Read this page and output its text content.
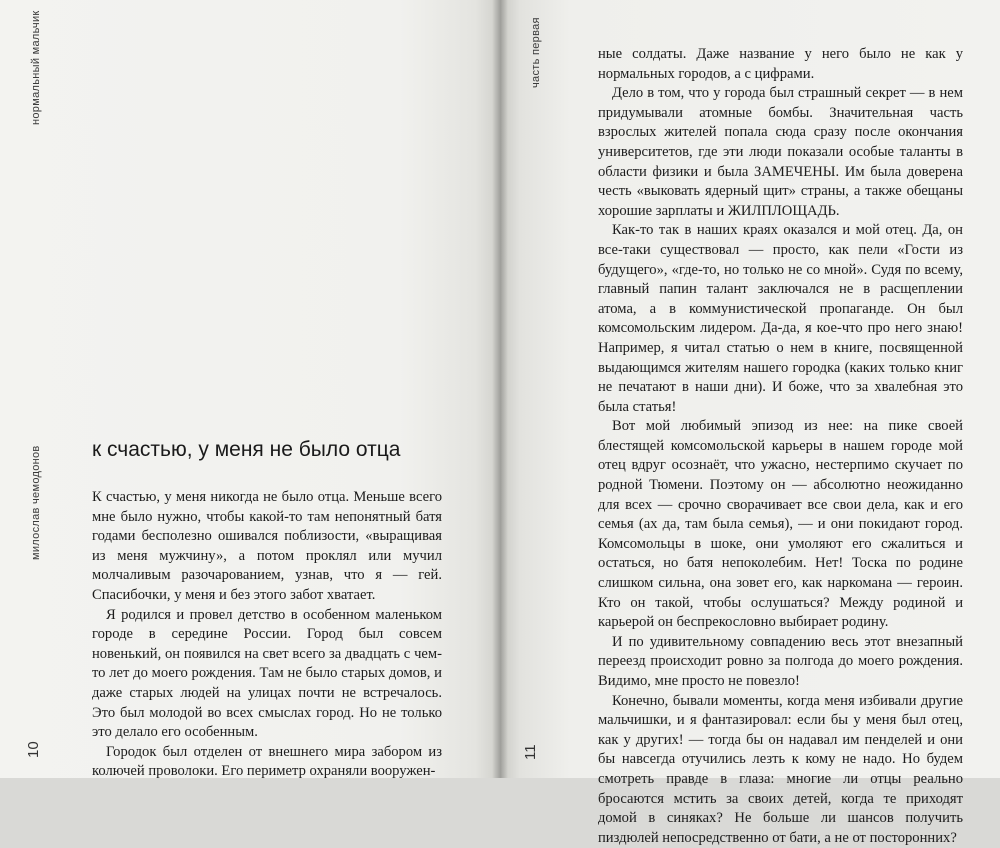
нормальный мальчик
милослав чемодонов
10
к счастью, у меня не было отца

К счастью, у меня никогда не было отца. Меньше всего мне было нужно, чтобы какой-то там непонятный батя годами бесполезно ошивался поблизости, «выращивая из меня мужчину», а потом проклял или мучил молчаливым разочарованием, узнав, что я — гей. Спасибочки, у меня и без этого забот хватает.

Я родился и провел детство в особенном маленьком городе в середине России. Город был совсем новенький, он появился на свет всего за двадцать с чем-то лет до моего рождения. Там не было старых домов, и даже старых людей на улицах почти не встречалось. Это был молодой во всех смыслах город. Но не только это делало его особенным.

Городок был отделен от внешнего мира забором из колючей проволоки. Его периметр охраняли вооружен-

часть первая
11

ные солдаты. Даже название у него было не как у нормальных городов, а с цифрами.

Дело в том, что у города был страшный секрет — в нем придумывали атомные бомбы. Значительная часть взрослых жителей попала сюда сразу после окончания университетов, где эти люди показали особые таланты в области физики и была ЗАМЕЧЕНЫ. Им была доверена честь «выковать ядерный щит» страны, а также обещаны хорошие зарплаты и ЖИЛПЛОЩАДЬ.

Как-то так в наших краях оказался и мой отец. Да, он все-таки существовал — просто, как пели «Гости из будущего», «где-то, но только не со мной». Судя по всему, главный папин талант заключался не в расщеплении атома, а в коммунистической пропаганде. Он был комсомольским лидером. Да-да, я кое-что про него знаю! Например, я читал статью о нем в книге, посвященной выдающимся жителям нашего городка (каких только книг не печатают в наши дни). И боже, что за хвалебная это была статья!

Вот мой любимый эпизод из нее: на пике своей блестящей комсомольской карьеры в нашем городе мой отец вдруг осознаёт, что ужасно, нестерпимо скучает по родной Тюмени. Поэтому он — абсолютно неожиданно для всех — срочно сворачивает все свои дела, как и его семья (ах да, там была семья), — и они покидают город. Комсомольцы в шоке, они умоляют его сжалиться и остаться, но батя непоколебим. Нет! Тоска по родине слишком сильна, она зовет его, как наркомана — героин. Кто он такой, чтобы ослушаться? Между родиной и карьерой он беспрекословно выбирает родину.

И по удивительному совпадению весь этот внезапный переезд происходит ровно за полгода до моего рождения. Видимо, мне просто не повезло!

Конечно, бывали моменты, когда меня избивали другие мальчишки, и я фантазировал: если бы у меня был отец, как у других! — тогда бы он надавал им пенделей и они бы навсегда отучились лезть к кому не надо. Но будем смотреть правде в глаза: многие ли отцы реально бросаются мстить за своих детей, когда те приходят домой в синяках? Не больше ли шансов получить пиздюлей непосредственно от бати, а не от посторонних?
